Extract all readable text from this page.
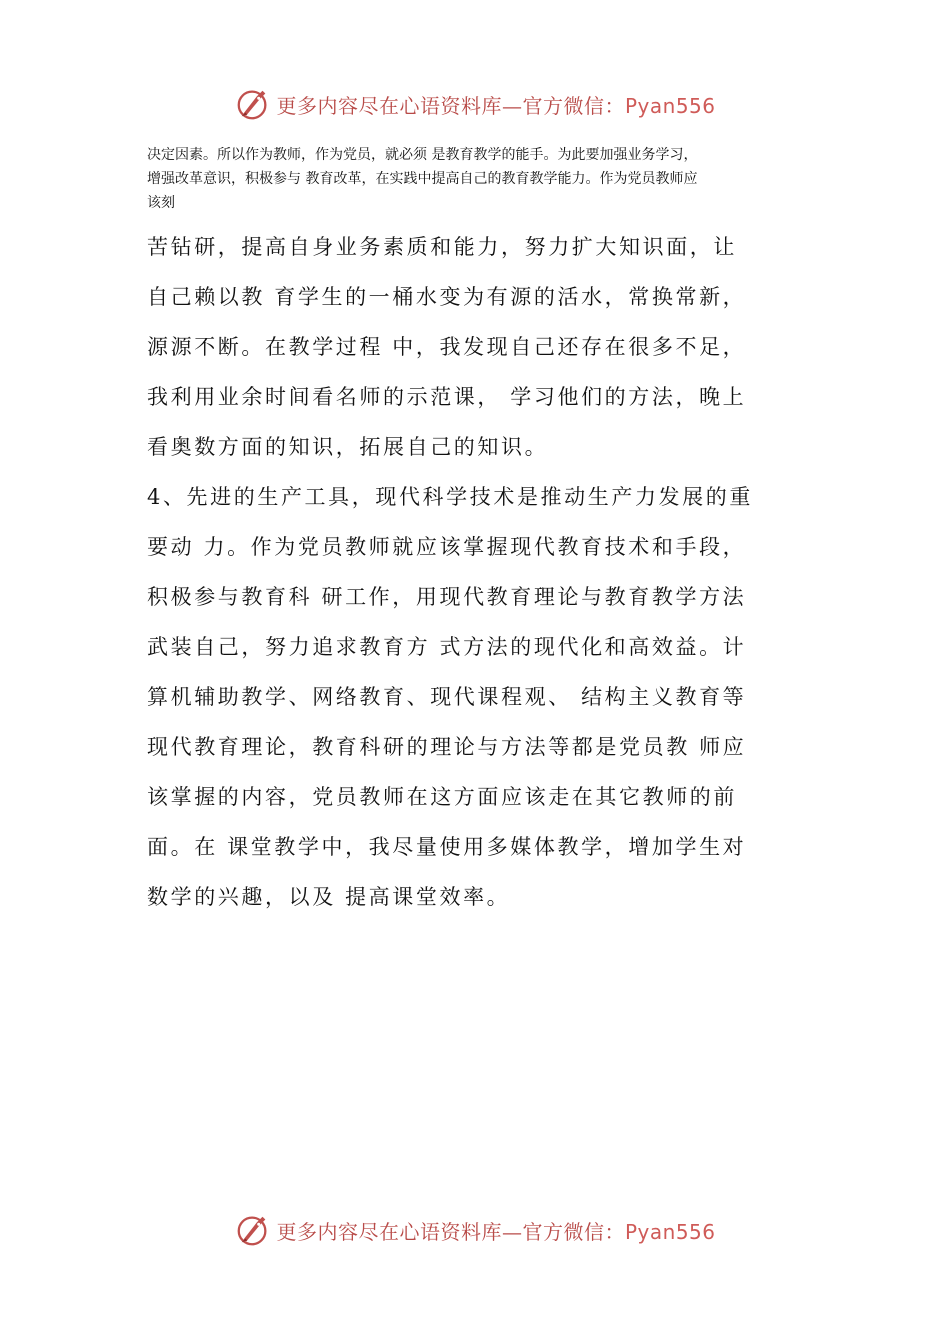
更多内容尽在心语资料库—官方微信：Pyan556
决定因素。所以作为教师，作为党员，就必须 是教育教学的能手。为此要加强业务学习，
增强改革意识，积极参与 教育改革，在实践中提高自己的教育教学能力。作为党员教师应
该刻
苦钻研，提高自身业务素质和能力，努力扩大知识面，让
自己赖以教 育学生的一桶水变为有源的活水，常换常新，
源源不断。在教学过程 中，我发现自己还存在很多不足，
我利用业余时间看名师的示范课， 学习他们的方法，晚上
看奥数方面的知识，拓展自己的知识。
4、先进的生产工具，现代科学技术是推动生产力发展的重
要动 力。作为党员教师就应该掌握现代教育技术和手段，
积极参与教育科 研工作，用现代教育理论与教育教学方法
武装自己，努力追求教育方 式方法的现代化和高效益。计
算机辅助教学、网络教育、现代课程观、 结构主义教育等
现代教育理论，教育科研的理论与方法等都是党员教 师应
该掌握的内容，党员教师在这方面应该走在其它教师的前
面。在 课堂教学中，我尽量使用多媒体教学，增加学生对
数学的兴趣，以及 提高课堂效率。
更多内容尽在心语资料库—官方微信：Pyan556
